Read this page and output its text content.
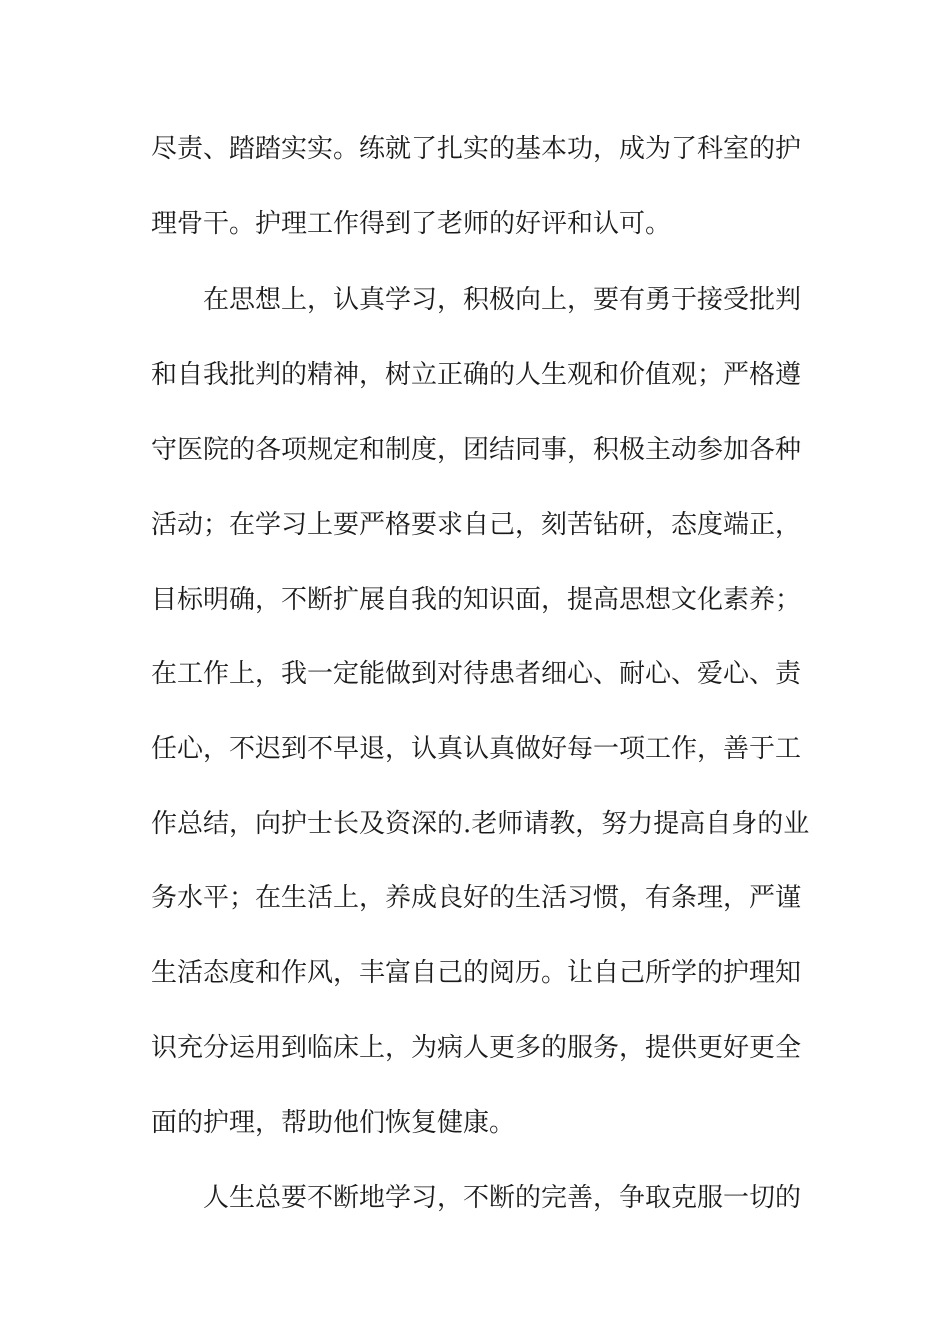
尽责、踏踏实实。练就了扎实的基本功，成为了科室的护
理骨干。护理工作得到了老师的好评和认可。
在思想上，认真学习，积极向上，要有勇于接受批判
和自我批判的精神，树立正确的人生观和价值观；严格遵
守医院的各项规定和制度，团结同事，积极主动参加各种
活动；在学习上要严格要求自己，刻苦钻研，态度端正，
目标明确，不断扩展自我的知识面，提高思想文化素养；
在工作上，我一定能做到对待患者细心、耐心、爱心、责
任心，不迟到不早退，认真认真做好每一项工作，善于工
作总结，向护士长及资深的.老师请教，努力提高自身的业
务水平；在生活上，养成良好的生活习惯，有条理，严谨
生活态度和作风，丰富自己的阅历。让自己所学的护理知
识充分运用到临床上，为病人更多的服务，提供更好更全
面的护理，帮助他们恢复健康。
人生总要不断地学习，不断的完善，争取克服一切的
